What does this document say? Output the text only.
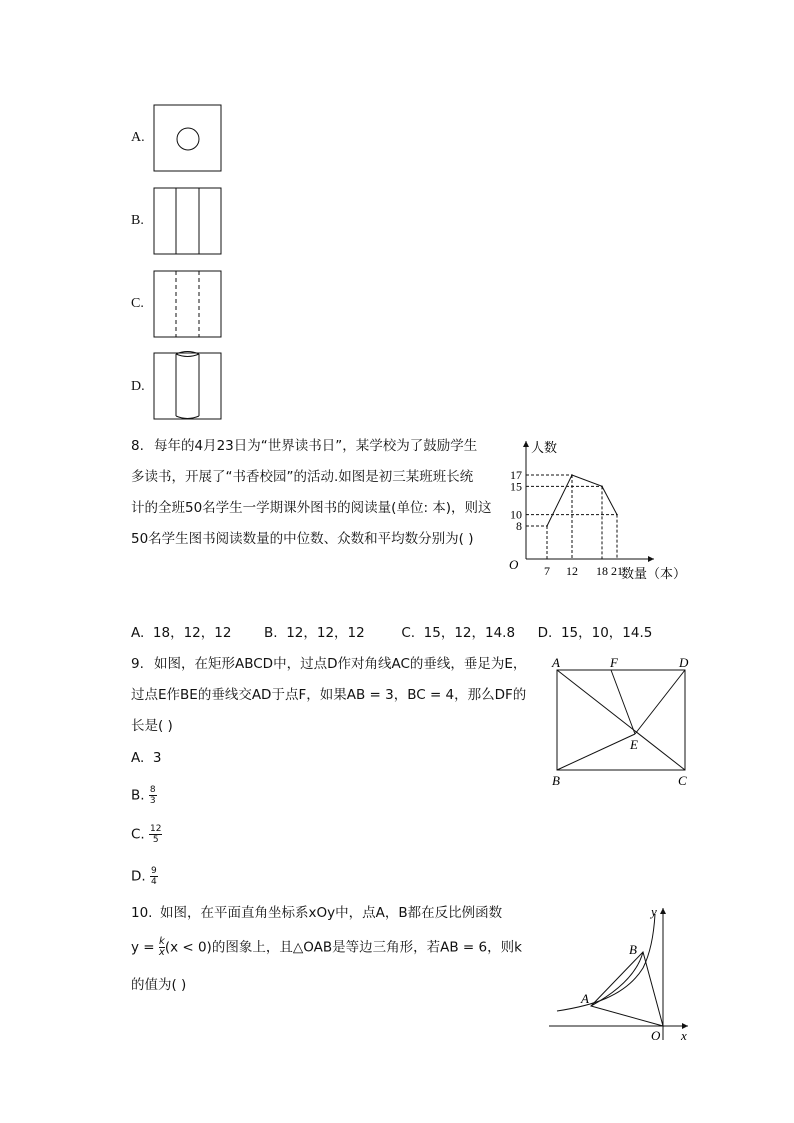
A.
B.
C.
D.
8. 每年的4月23日为“世界读书日”，某学校为了鼓励学生
多读书，开展了“书香校园”的活动.如图是初三某班班长统
计的全班50名学生一学期课外图书的阅读量(单位: 本)，则这
50名学生图书阅读数量的中位数、众数和平均数分别为( )
人数
数量（本）
O 7 12 18 21
8
10
15
17
A. 18，12，12 B. 12，12，12	C. 15，12，14.8 D. 15，10，14.5
9. 如图，在矩形ABCD中，过点D作对角线AC的垂线，垂足为E，
过点E作BE的垂线交AD于点F，如果AB = 3，BC = 4，那么DF的
长是( )
A. 3
B. $\frac{8}{3}$
C. $\frac{12}{5}$
D. $\frac{9}{4}$
A	F	D
E
B	C
10. 如图，在平面直角坐标系xOy中，点A，B都在反比例函数
$y = \frac{k}{x} (x < 0)$的图象上，且△OAB是等边三角形，若AB = 6，则k
的值为( )
y
x
O
A
B
